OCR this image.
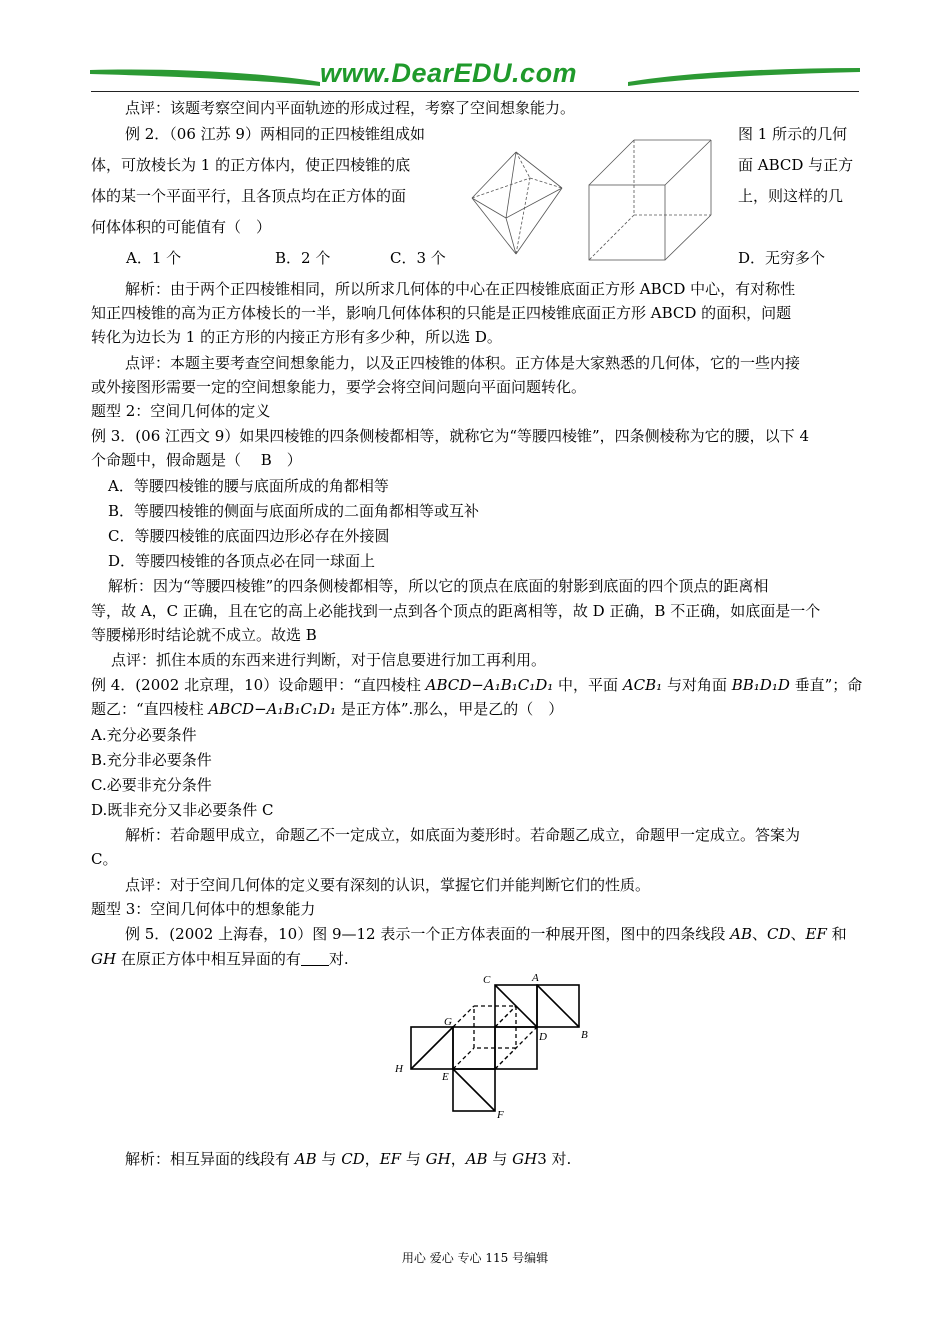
www.DearEDU.com
点评：该题考察空间内平面轨迹的形成过程，考察了空间想象能力。
例 2．（06 江苏 9）两相同的正四棱锥组成如	图 1 所示的几何
体，可放棱长为 1 的正方体内，使正四棱锥的底	面 ABCD 与正方
体的某一个平面平行，且各顶点均在正方体的面	上，则这样的几
何体体积的可能值有（　）
A．1 个	B．2 个	C．3 个	D．无穷多个
解析：由于两个正四棱锥相同，所以所求几何体的中心在正四棱锥底面正方形 ABCD 中心，有对称性
知正四棱锥的高为正方体棱长的一半，影响几何体体积的只能是正四棱锥底面正方形 ABCD 的面积，问题
转化为边长为 1 的正方形的内接正方形有多少种，所以选 D。
点评：本题主要考查空间想象能力，以及正四棱锥的体积。正方体是大家熟悉的几何体，它的一些内接
或外接图形需要一定的空间想象能力，要学会将空间问题向平面问题转化。
题型 2：空间几何体的定义
例 3．(06 江西文 9）如果四棱锥的四条侧棱都相等，就称它为“等腰四棱锥”，四条侧棱称为它的腰，以下 4
个命题中，假命题是（　 B　）
A．等腰四棱锥的腰与底面所成的角都相等
B．等腰四棱锥的侧面与底面所成的二面角都相等或互补
C．等腰四棱锥的底面四边形必存在外接圆
D．等腰四棱锥的各顶点必在同一球面上
解析：因为“等腰四棱锥”的四条侧棱都相等，所以它的顶点在底面的射影到底面的四个顶点的距离相
等，故 A，C 正确，且在它的高上必能找到一点到各个顶点的距离相等，故 D 正确，B 不正确，如底面是一个
等腰梯形时结论就不成立。故选 B
点评：抓住本质的东西来进行判断，对于信息要进行加工再利用。
例 4．(2002 北京理，10）设命题甲：“直四棱柱 ABCD−A₁B₁C₁D₁ 中，平面 ACB₁ 与对角面 BB₁D₁D 垂直”；命
题乙：“直四棱柱 ABCD−A₁B₁C₁D₁ 是正方体”.那么，甲是乙的（　）
A.充分必要条件
B.充分非必要条件
C.必要非充分条件
D.既非充分又非必要条件 C
解析：若命题甲成立，命题乙不一定成立，如底面为菱形时。若命题乙成立，命题甲一定成立。答案为
C。
点评：对于空间几何体的定义要有深刻的认识，掌握它们并能判断它们的性质。
题型 3：空间几何体中的想象能力
例 5．(2002 上海春，10）图 9—12 表示一个正方体表面的一种展开图，图中的四条线段 AB、CD、EF 和
GH 在原正方体中相互异面的有 对.
C	A
G
D	B
H
E
F
解析：相互异面的线段有 AB 与 CD，EF 与 GH，AB 与 GH3 对.
用心 爱心 专心 115 号编辑
